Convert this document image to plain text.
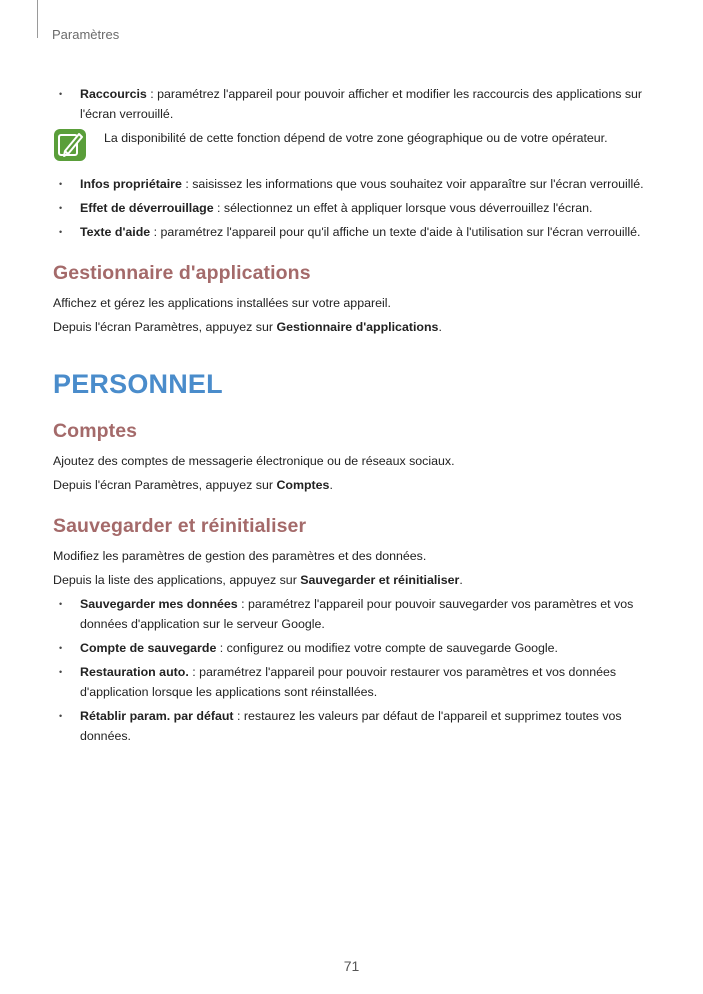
Paramètres
• Raccourcis : paramétrez l'appareil pour pouvoir afficher et modifier les raccourcis des applications sur l'écran verrouillé.
La disponibilité de cette fonction dépend de votre zone géographique ou de votre opérateur.
• Infos propriétaire : saisissez les informations que vous souhaitez voir apparaître sur l'écran verrouillé.
• Effet de déverrouillage : sélectionnez un effet à appliquer lorsque vous déverrouillez l'écran.
• Texte d'aide : paramétrez l'appareil pour qu'il affiche un texte d'aide à l'utilisation sur l'écran verrouillé.
Gestionnaire d'applications

Affichez et gérez les applications installées sur votre appareil.

Depuis l'écran Paramètres, appuyez sur Gestionnaire d'applications.

PERSONNEL
Comptes

Ajoutez des comptes de messagerie électronique ou de réseaux sociaux.

Depuis l'écran Paramètres, appuyez sur Comptes.

Sauvegarder et réinitialiser

Modifiez les paramètres de gestion des paramètres et des données.

Depuis la liste des applications, appuyez sur Sauvegarder et réinitialiser.

• Sauvegarder mes données : paramétrez l'appareil pour pouvoir sauvegarder vos paramètres et vos données d'application sur le serveur Google.
• Compte de sauvegarde : configurez ou modifiez votre compte de sauvegarde Google.
• Restauration auto. : paramétrez l'appareil pour pouvoir restaurer vos paramètres et vos données d'application lorsque les applications sont réinstallées.
• Rétablir param. par défaut : restaurez les valeurs par défaut de l'appareil et supprimez toutes vos données.
71
